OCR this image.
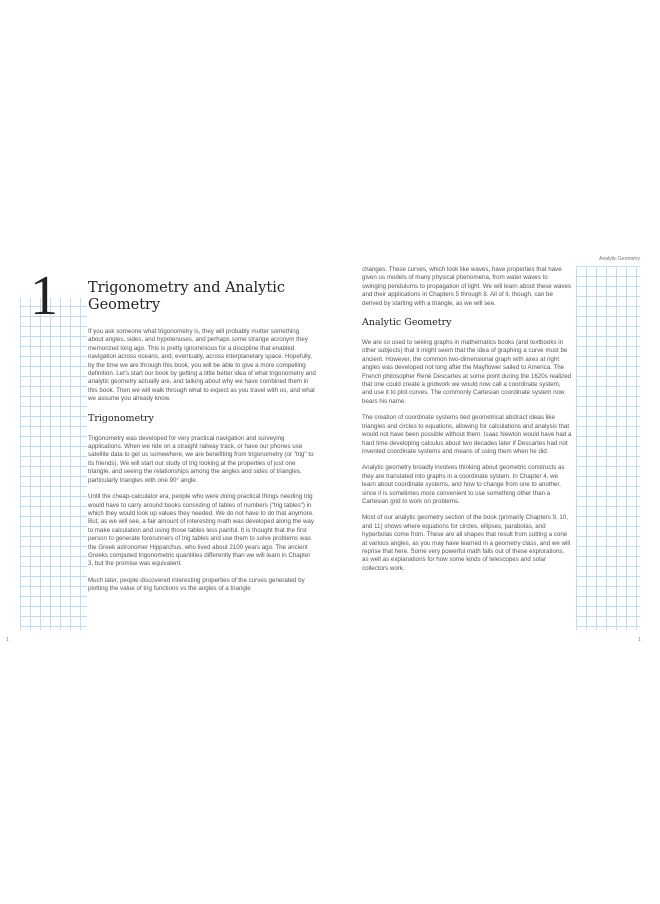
Analytic Geometry
1 Trigonometry and Analytic Geometry

If you ask someone what trigonometry is, they will probably mutter something about angles, sides, and hypotenuses, and perhaps some strange acronym they memorized long ago. This is pretty ignominious for a discipline that enabled navigation across oceans, and, eventually, across interplanetary space. Hopefully, by the time we are through this book, you will be able to give a more compelling definition. Let's start our book by getting a little better idea of what trigonometry and analytic geometry actually are, and talking about why we have combined them in this book. Then we will walk through what to expect as you travel with us, and what we assume you already know.

Trigonometry

Trigonometry was developed for very practical navigation and surveying applications. When we ride on a straight railway track, or have our phones use satellite data to get us somewhere, we are benefiting from trigonometry (or "trig" to its friends). We will start our study of trig looking at the properties of just one triangle, and seeing the relationships among the angles and sides of triangles, particularly triangles with one 90° angle.

Until the cheap-calculator era, people who were doing practical things needing trig would have to carry around books consisting of tables of numbers ("trig tables") in which they would look up values they needed. We do not have to do that anymore. But, as we will see, a fair amount of interesting math was developed along the way to make calculation and using those tables less painful. It is thought that the first person to generate forerunners of trig tables and use them to solve problems was the Greek astronomer Hipparchus, who lived about 2100 years ago. The ancient Greeks computed trigonometric quantities differently than we will learn in Chapter 3, but the promise was equivalent.

Much later, people discovered interesting properties of the curves generated by plotting the value of trig functions vs the angles of a triangle

changes. These curves, which look like waves, have properties that have given us models of many physical phenomena, from water waves to swinging pendulums to propagation of light. We will learn about these waves and their applications in Chapters 5 through 8. All of it, though, can be derived by starting with a triangle, as we will see.

Analytic Geometry

We are so used to seeing graphs in mathematics books (and textbooks in other subjects) that it might seem that the idea of graphing a curve must be ancient. However, the common two-dimensional graph with axes at right angles was developed not long after the Mayflower sailed to America. The French philosopher René Descartes at some point during the 1620s realized that one could create a gridwork we would now call a coordinate system, and use it to plot curves. The commonly Cartesian coordinate system now bears his name.

The creation of coordinate systems tied geometrical abstract ideas like triangles and circles to equations, allowing for calculations and analysis that would not have been possible without them. Isaac Newton would have had a hard time developing calculus about two decades later if Descartes had not invented coordinate systems and means of using them when he did.

Analytic geometry broadly involves thinking about geometric constructs as they are translated into graphs in a coordinate system. In Chapter 4, we learn about coordinate systems, and how to change from one to another, since it is sometimes more convenient to use something other than a Cartesian grid to work on problems.

Most of our analytic geometry section of the book (primarily Chapters 9, 10, and 11) shows where equations for circles, ellipses, parabolas, and hyperbolas come from. These are all shapes that result from cutting a cone at various angles, as you may have learned in a geometry class, and we will reprise that here. Some very powerful math falls out of these explorations, as well as explanations for how some kinds of telescopes and solar collectors work.

1	1
